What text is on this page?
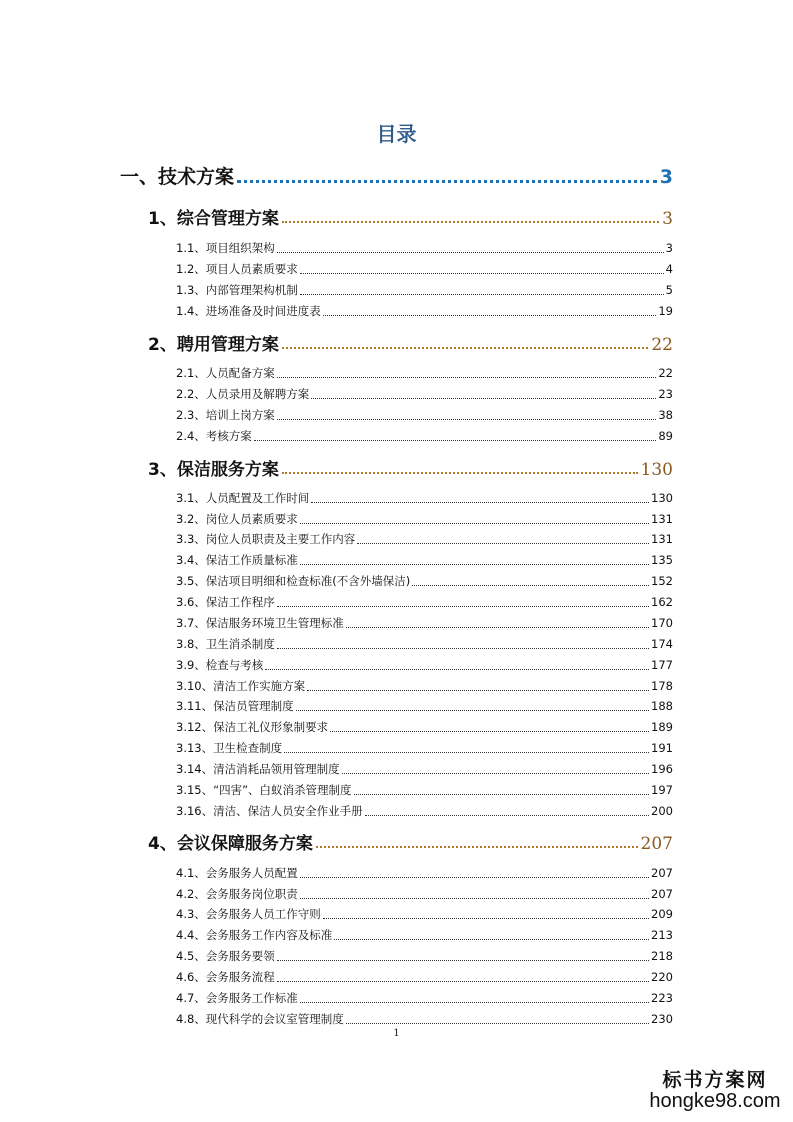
目录
一、技术方案	3
1、综合管理方案	3
1.1、项目组织架构	3
1.2、项目人员素质要求	4
1.3、内部管理架构机制	5
1.4、进场准备及时间进度表	19
2、聘用管理方案	22
2.1、人员配备方案	22
2.2、人员录用及解聘方案	23
2.3、培训上岗方案	38
2.4、考核方案	89
3、保洁服务方案	130
3.1、人员配置及工作时间	130
3.2、岗位人员素质要求	131
3.3、岗位人员职责及主要工作内容	131
3.4、保洁工作质量标准	135
3.5、保洁项目明细和检查标准(不含外墙保洁)	152
3.6、保洁工作程序	162
3.7、保洁服务环境卫生管理标准	170
3.8、卫生消杀制度	174
3.9、检查与考核	177
3.10、清洁工作实施方案	178
3.11、保洁员管理制度	188
3.12、保洁工礼仪形象制要求	189
3.13、卫生检查制度	191
3.14、清洁消耗品领用管理制度	196
3.15、“四害”、白蚁消杀管理制度	197
3.16、清洁、保洁人员安全作业手册	200
4、会议保障服务方案	207
4.1、会务服务人员配置	207
4.2、会务服务岗位职责	207
4.3、会务服务人员工作守则	209
4.4、会务服务工作内容及标准	213
4.5、会务服务要领	218
4.6、会务服务流程	220
4.7、会务服务工作标准	223
4.8、现代科学的会议室管理制度	230
1
标书方案网
hongke98.com
